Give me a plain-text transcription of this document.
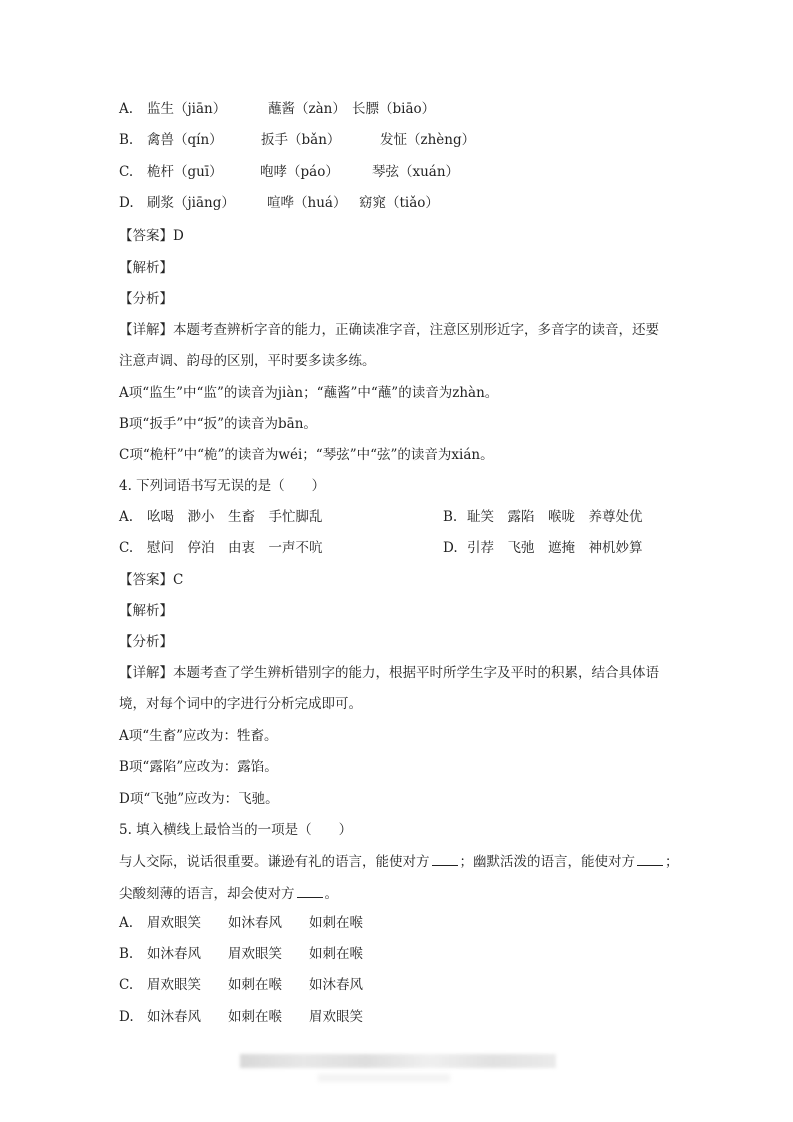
A. 监生（jiān）	蘸酱（zàn） 长膘（biāo）
B. 禽兽（qín）	扳手（bǎn）	发怔（zhèng）
C. 桅杆（guī）	咆哮（páo） 琴弦（xuán）
D. 刷浆（jiāng） 喧哗（huá） 窈窕（tiǎo）
【答案】D
【解析】
【分析】
【详解】本题考查辨析字音的能力，正确读准字音，注意区别形近字，多音字的读音，还要
注意声调、韵母的区别，平时要多读多练。
A项“监生”中“监”的读音为jiàn；“蘸酱”中“蘸”的读音为zhàn。
B项“扳手”中“扳”的读音为bān。
C项“桅杆”中“桅”的读音为wéi；“琴弦”中“弦”的读音为xián。
4. 下列词语书写无误的是（　　）
A. 吆喝　渺小　生畜　手忙脚乱	B. 耻笑　露陷　喉咙　养尊处优
C. 慰问　停泊　由衷　一声不吭	D. 引荐　飞弛　遮掩　神机妙算
【答案】C
【解析】
【分析】
【详解】本题考查了学生辨析错别字的能力，根据平时所学生字及平时的积累，结合具体语
境，对每个词中的字进行分析完成即可。
A项“生畜”应改为：牲畜。
B项“露陷”应改为：露馅。
D项“飞弛”应改为：飞驰。
5. 填入横线上最恰当的一项是（　　）
与人交际，说话很重要。谦逊有礼的语言，能使对方 ；幽默活泼的语言，能使对方 ；
尖酸刻薄的语言，却会使对方 。
A. 眉欢眼笑　　如沐春风　　如刺在喉
B. 如沐春风　　眉欢眼笑　　如刺在喉
C. 眉欢眼笑　　如刺在喉　　如沐春风
D. 如沐春风　　如刺在喉　　眉欢眼笑
